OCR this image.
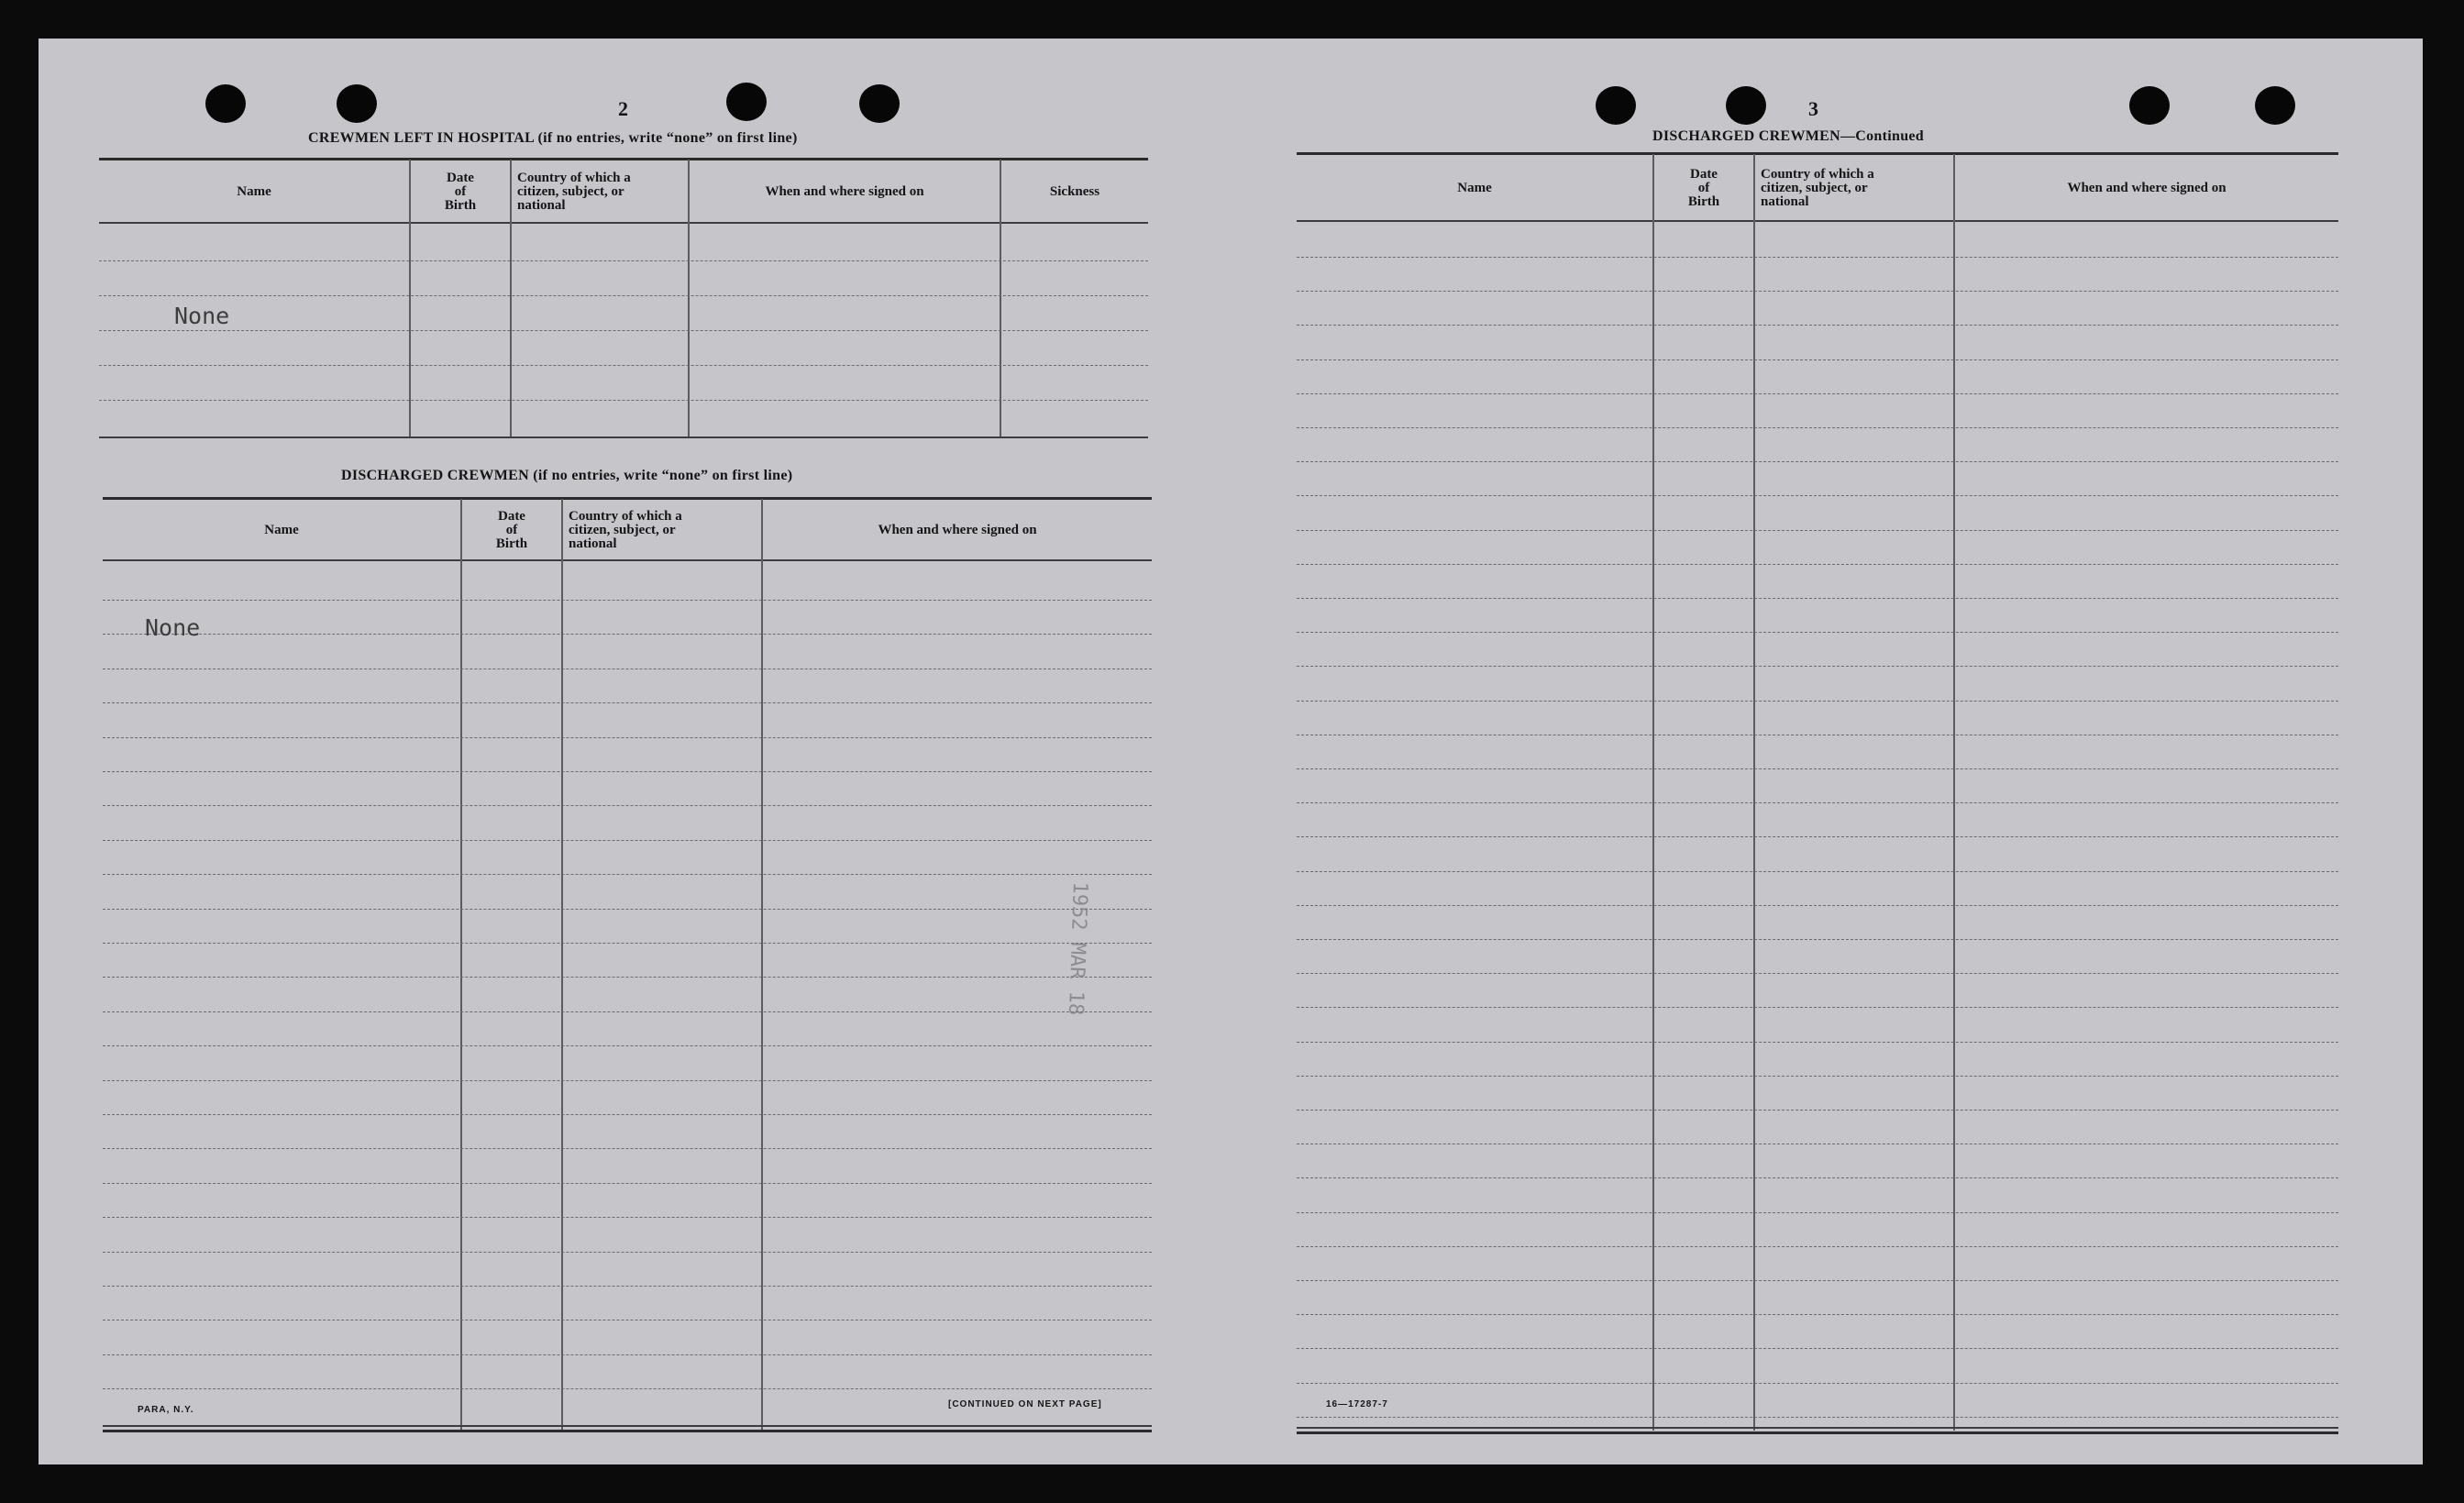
2
CREWMEN LEFT IN HOSPITAL (if no entries, write “none” on first line)
Name
Date
of
Birth
Country of which a
citizen, subject, or
national
When and where signed on	Sickness
None
DISCHARGED CREWMEN (if no entries, write “none” on first line)
Name
Date
of
Birth
Country of which a
citizen, subject, or
national
When and where signed on
None
1952 MAR 18
PARA, N.Y.
[CONTINUED ON NEXT PAGE]
3
DISCHARGED CREWMEN—Continued
Name
Date
of
Birth
Country of which a
citizen, subject, or
national
When and where signed on
16—17287-7
